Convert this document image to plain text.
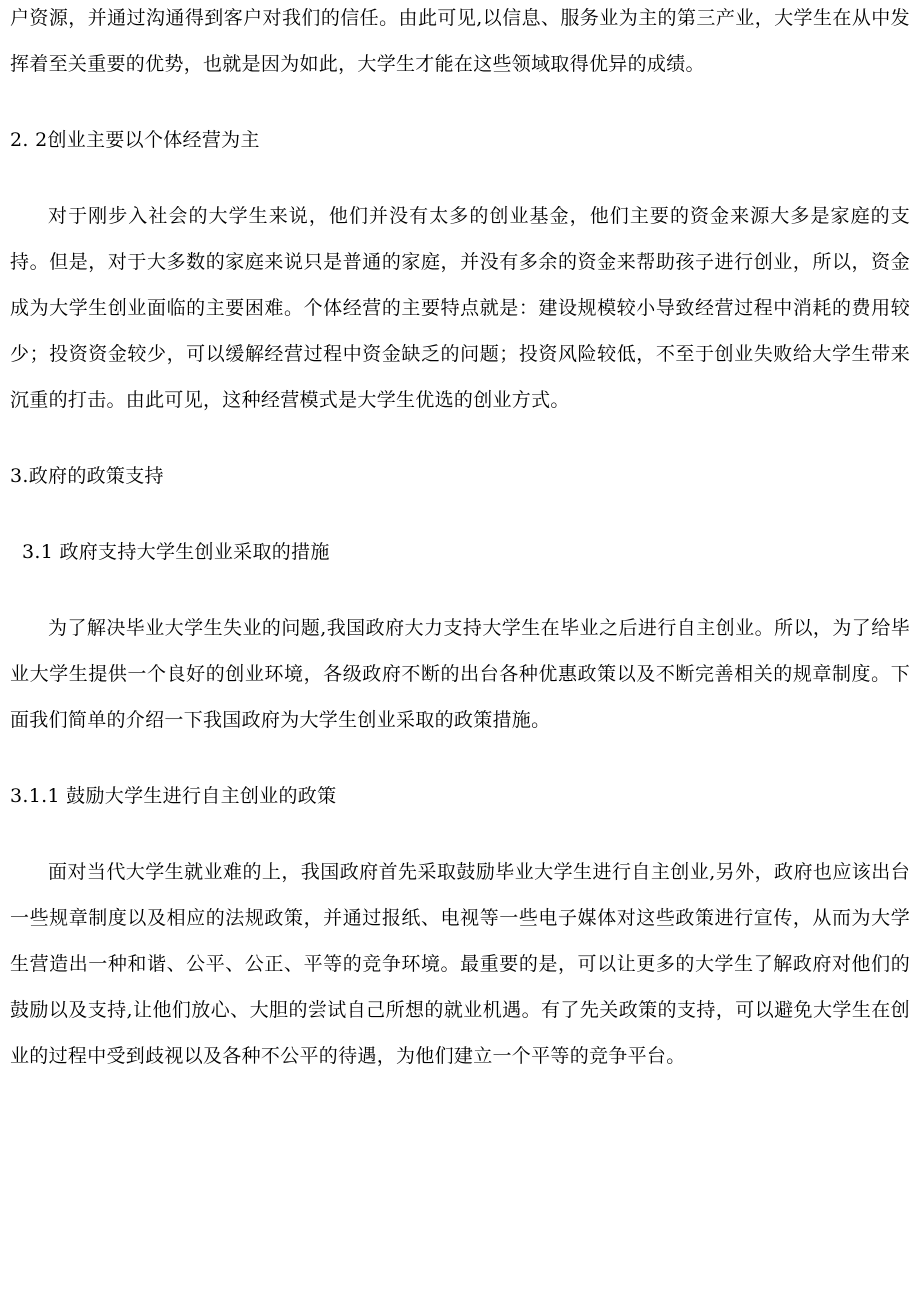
户资源，并通过沟通得到客户对我们的信任。由此可见,以信息、服务业为主的第三产业，大学生在从中发挥着至关重要的优势，也就是因为如此，大学生才能在这些领域取得优异的成绩。

2. 2创业主要以个体经营为主

对于刚步入社会的大学生来说，他们并没有太多的创业基金，他们主要的资金来源大多是家庭的支持。但是，对于大多数的家庭来说只是普通的家庭，并没有多余的资金来帮助孩子进行创业，所以，资金成为大学生创业面临的主要困难。个体经营的主要特点就是：建设规模较小导致经营过程中消耗的费用较少；投资资金较少，可以缓解经营过程中资金缺乏的问题；投资风险较低，不至于创业失败给大学生带来沉重的打击。由此可见，这种经营模式是大学生优选的创业方式。

3.政府的政策支持

3.1 政府支持大学生创业采取的措施

为了解决毕业大学生失业的问题,我国政府大力支持大学生在毕业之后进行自主创业。所以，为了给毕业大学生提供一个良好的创业环境，各级政府不断的出台各种优惠政策以及不断完善相关的规章制度。下面我们简单的介绍一下我国政府为大学生创业采取的政策措施。

3.1.1 鼓励大学生进行自主创业的政策

面对当代大学生就业难的上，我国政府首先采取鼓励毕业大学生进行自主创业,另外，政府也应该出台一些规章制度以及相应的法规政策，并通过报纸、电视等一些电子媒体对这些政策进行宣传，从而为大学生营造出一种和谐、公平、公正、平等的竞争环境。最重要的是，可以让更多的大学生了解政府对他们的鼓励以及支持,让他们放心、大胆的尝试自己所想的就业机遇。有了先关政策的支持，可以避免大学生在创业的过程中受到歧视以及各种不公平的待遇，为他们建立一个平等的竞争平台。
